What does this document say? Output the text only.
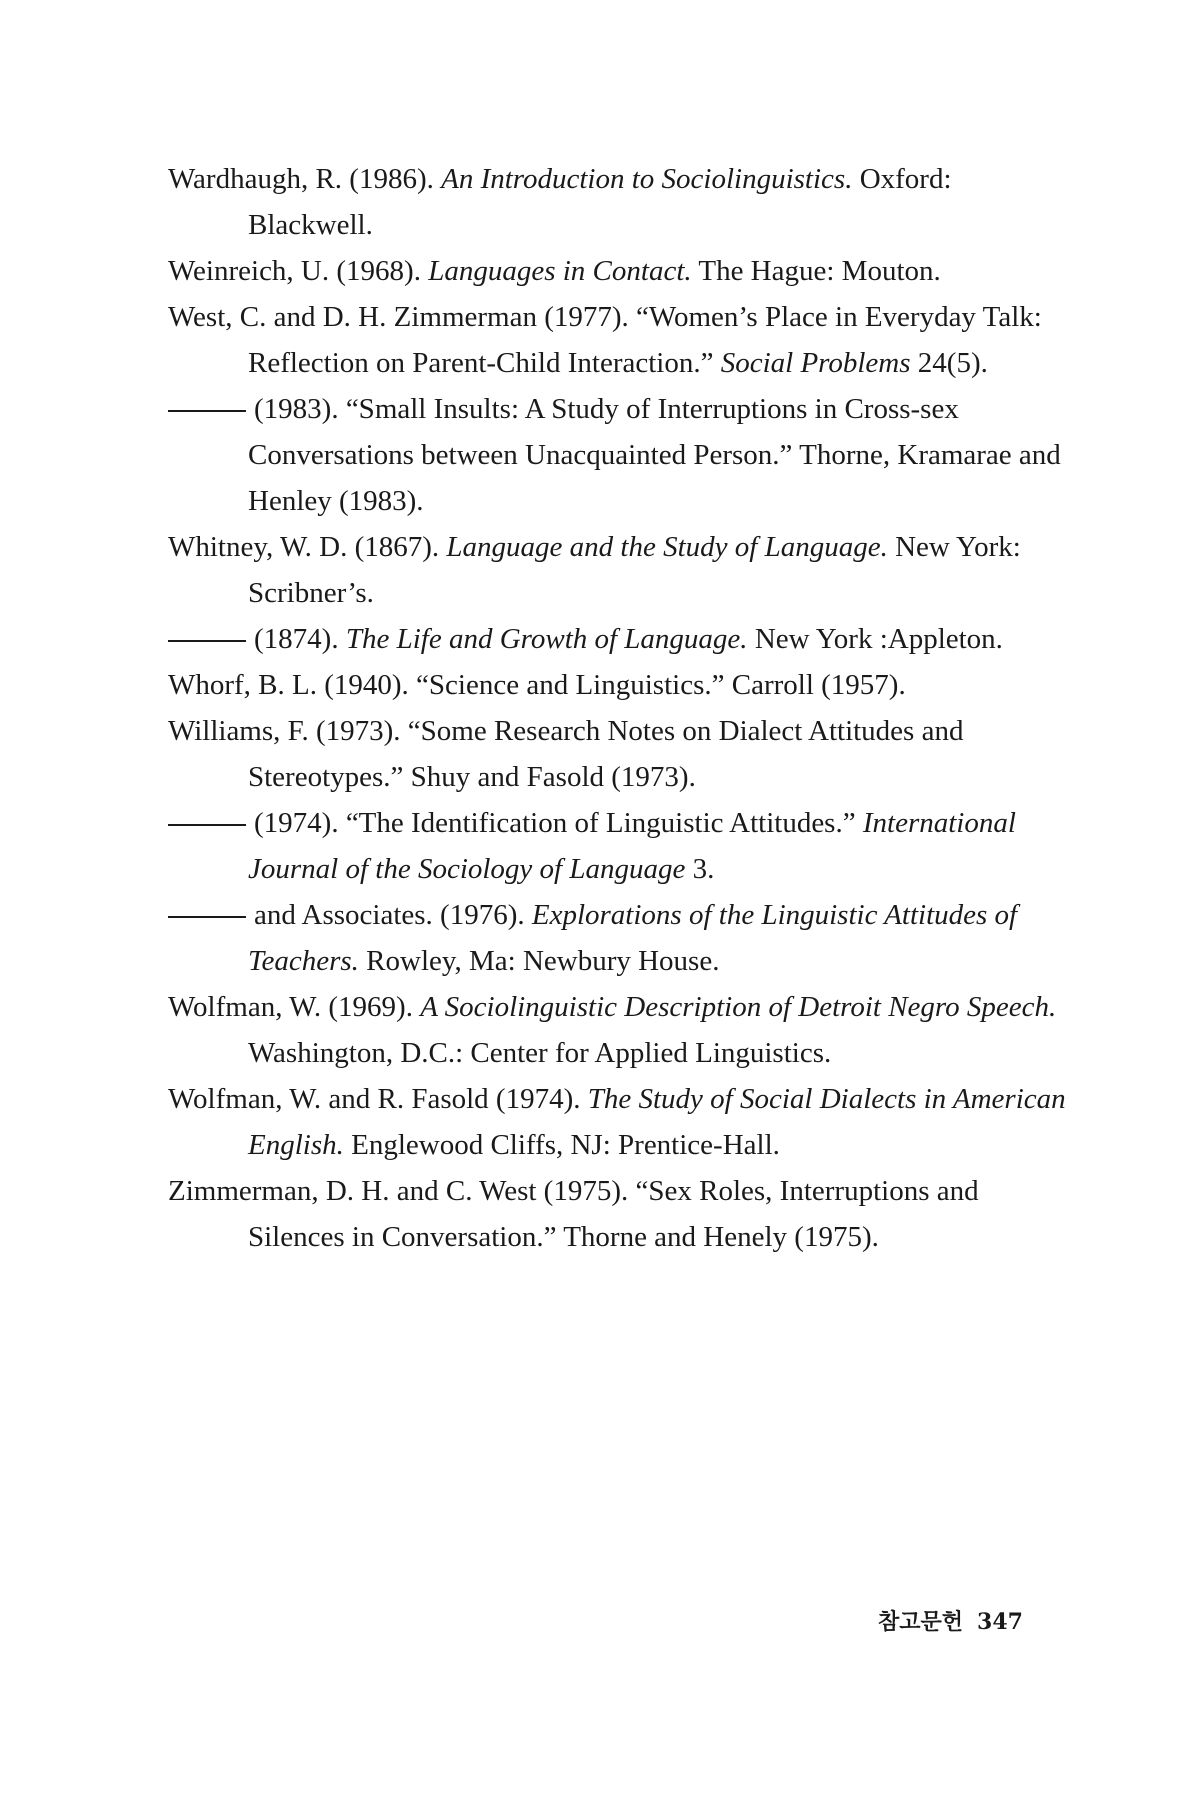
Wardhaugh, R. (1986). An Introduction to Sociolinguistics. Oxford: Blackwell.

Weinreich, U. (1968). Languages in Contact. The Hague: Mouton.

West, C. and D. H. Zimmerman (1977). “Women’s Place in Everyday Talk: Reflection on Parent-Child Interaction.” Social Problems 24(5).

(1983). “Small Insults: A Study of Interruptions in Cross-sex Conversations between Unacquainted Person.” Thorne, Kramarae and Henley (1983).

Whitney, W. D. (1867). Language and the Study of Language. New York: Scribner’s.

(1874). The Life and Growth of Language. New York :Appleton.

Whorf, B. L. (1940). “Science and Linguistics.” Carroll (1957).

Williams, F. (1973). “Some Research Notes on Dialect Attitudes and Stereotypes.” Shuy and Fasold (1973).

(1974). “The Identification of Linguistic Attitudes.” International Journal of the Sociology of Language 3.

and Associates. (1976). Explorations of the Linguistic Attitudes of Teachers. Rowley, Ma: Newbury House.

Wolfman, W. (1969). A Sociolinguistic Description of Detroit Negro Speech. Washington, D.C.: Center for Applied Linguistics.

Wolfman, W. and R. Fasold (1974). The Study of Social Dialects in American English. Englewood Cliffs, NJ: Prentice-Hall.

Zimmerman, D. H. and C. West (1975). “Sex Roles, Interruptions and Silences in Conversation.” Thorne and Henely (1975).

참고문헌 347
